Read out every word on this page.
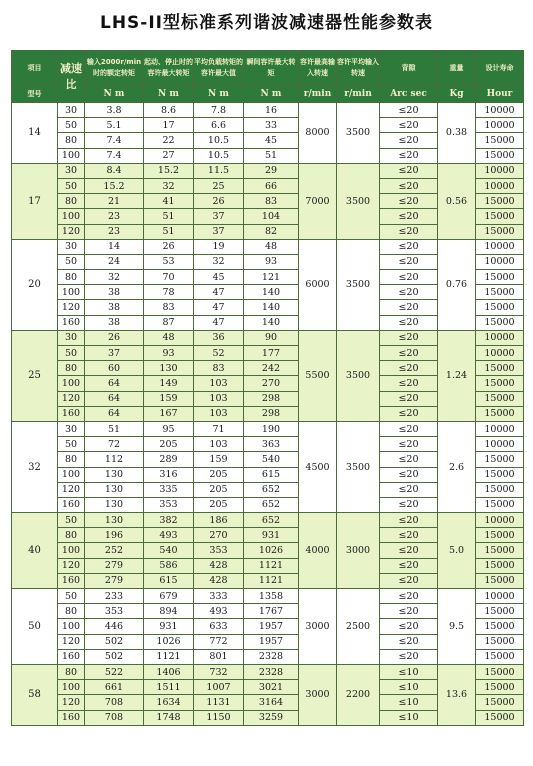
LHS-II型标准系列谐波减速器性能参数表
项目	减速比	输入2000r/min时的额定转矩	起动、停止时的容许最大转矩	平均负载转矩的容许最大值	瞬间容许最大转矩	容许最高输入转速	容许平均输入转速	背隙	重量	设计寿命
型号		N m	N m	N m	N m	r/min	r/min	Arc sec	Kg	Hour
14	30	3.8	8.6	7.8	16	8000	3500	≤20	0.38	10000
	50	5.1	17	6.6	33			≤20		10000
	80	7.4	22	10.5	45			≤20		15000
	100	7.4	27	10.5	51			≤20		15000
17	30	8.4	15.2	11.5	29	7000	3500	≤20	0.56	10000
	50	15.2	32	25	66			≤20		10000
	80	21	41	26	83			≤20		15000
	100	23	51	37	104			≤20		15000
	120	23	51	37	82			≤20		15000
20	30	14	26	19	48	6000	3500	≤20	0.76	10000
	50	24	53	32	93			≤20		10000
	80	32	70	45	121			≤20		15000
	100	38	78	47	140			≤20		15000
	120	38	83	47	140			≤20		15000
	160	38	87	47	140			≤20		15000
25	30	26	48	36	90	5500	3500	≤20	1.24	10000
	50	37	93	52	177			≤20		10000
	80	60	130	83	242			≤20		15000
	100	64	149	103	270			≤20		15000
	120	64	159	103	298			≤20		15000
	160	64	167	103	298			≤20		15000
32	30	51	95	71	190	4500	3500	≤20	2.6	10000
	50	72	205	103	363			≤20		10000
	80	112	289	159	540			≤20		15000
	100	130	316	205	615			≤20		15000
	120	130	335	205	652			≤20		15000
	160	130	353	205	652			≤20		15000
40	50	130	382	186	652	4000	3000	≤20	5.0	10000
	80	196	493	270	931			≤20		15000
	100	252	540	353	1026			≤20		15000
	120	279	586	428	1121			≤20		15000
	160	279	615	428	1121			≤20		15000
50	50	233	679	333	1358	3000	2500	≤20	9.5	10000
	80	353	894	493	1767			≤20		15000
	100	446	931	633	1957			≤20		15000
	120	502	1026	772	1957			≤20		15000
	160	502	1121	801	2328			≤20		15000
58	80	522	1406	732	2328	3000	2200	≤10	13.6	15000
	100	661	1511	1007	3021			≤10		15000
	120	708	1634	1131	3164			≤10		15000
	160	708	1748	1150	3259			≤10		15000
